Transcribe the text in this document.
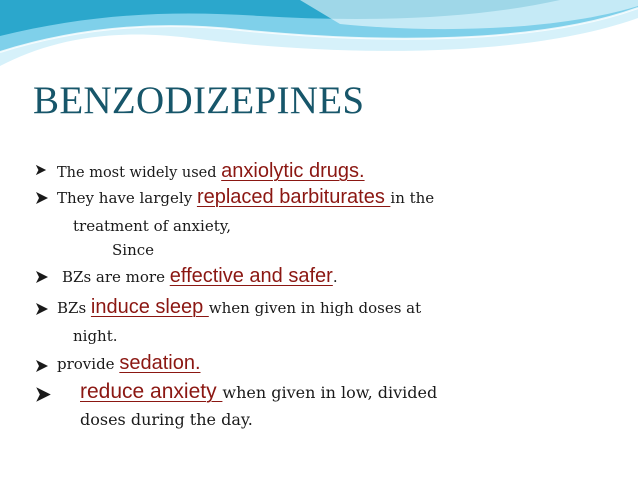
BENZODIZEPINES
The most widely used anxiolytic drugs.
They have largely replaced barbiturates in the
treatment of anxiety,
Since
BZs are more effective and safer.
BZs induce sleep when given in high doses at
night.
provide sedation.
reduce anxiety when given in low, divided
doses during the day.
